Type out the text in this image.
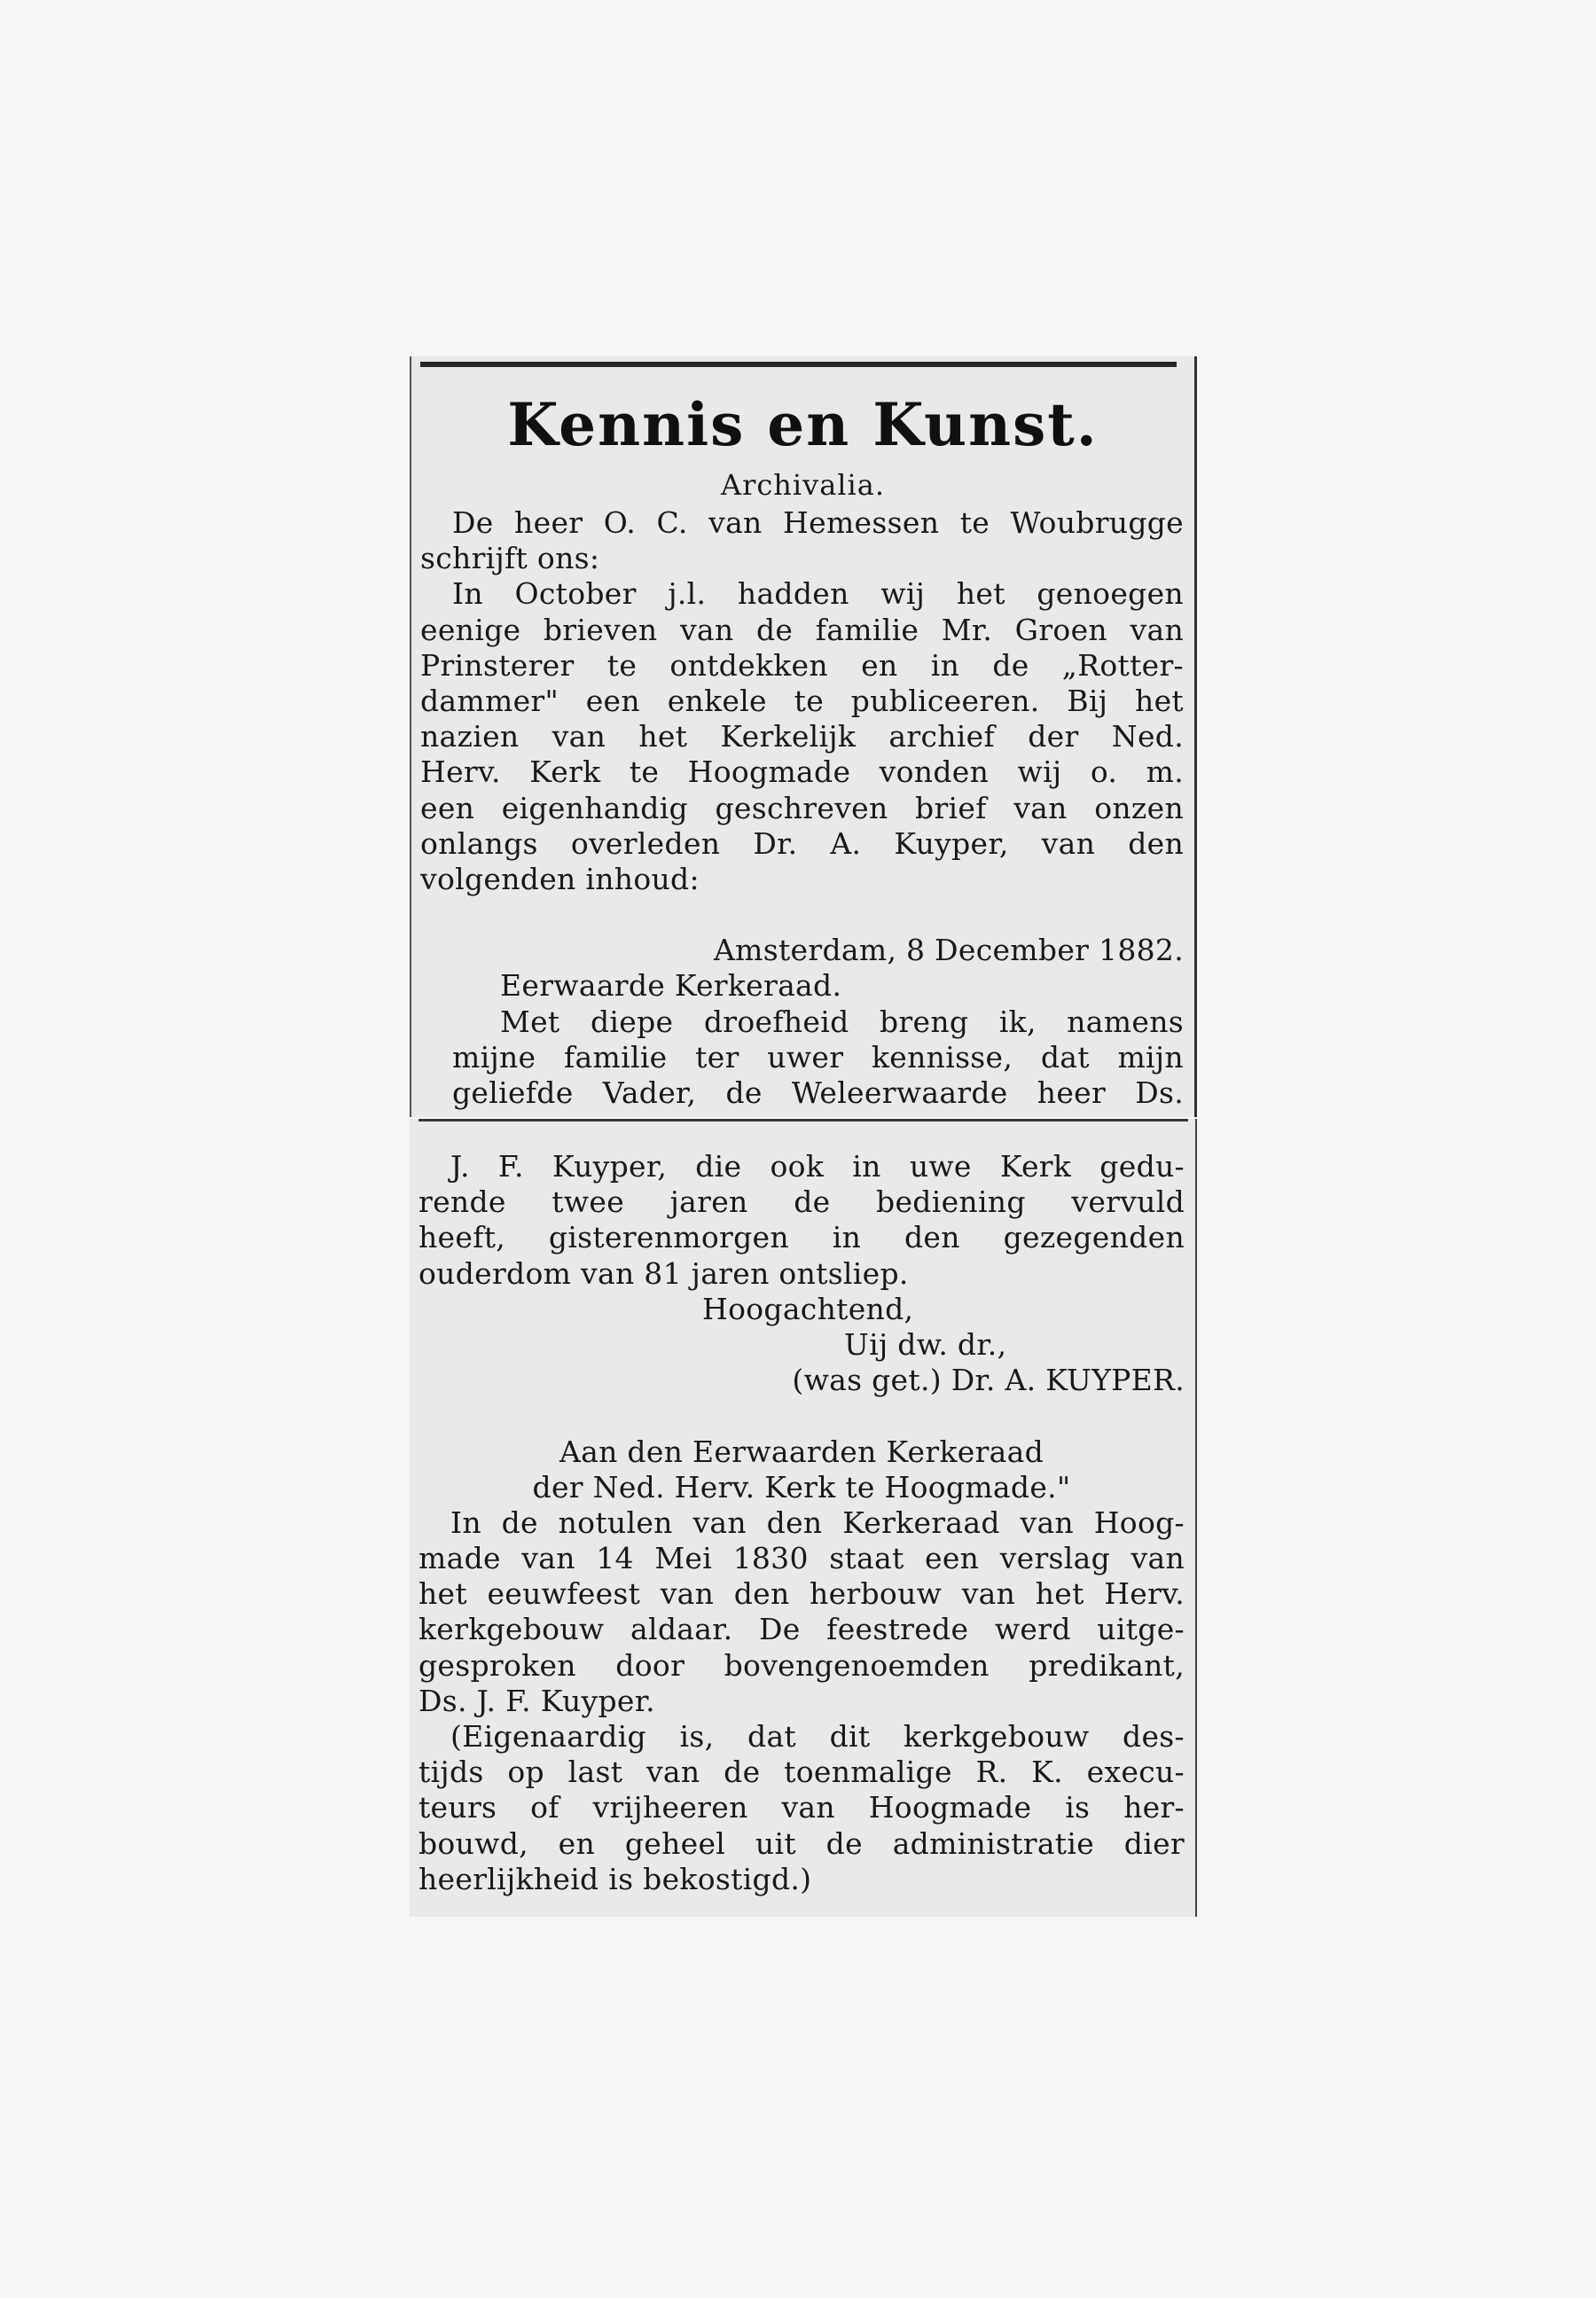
Kennis en Kunst.
Archivalia.
De heer O. C. van Hemessen te Woubrugge
schrijft ons:
In October j.l. hadden wij het genoegen
eenige brieven van de familie Mr. Groen van
Prinsterer te ontdekken en in de „Rotter-
dammer" een enkele te publiceeren. Bij het
nazien van het Kerkelijk archief der Ned.
Herv. Kerk te Hoogmade vonden wij o. m.
een eigenhandig geschreven brief van onzen
onlangs overleden Dr. A. Kuyper, van den
volgenden inhoud:
Amsterdam, 8 December 1882.
Eerwaarde Kerkeraad.
Met diepe droefheid breng ik, namens
mijne familie ter uwer kennisse, dat mijn
geliefde Vader, de Weleerwaarde heer Ds.
J. F. Kuyper, die ook in uwe Kerk gedu-
rende twee jaren de bediening vervuld
heeft, gisterenmorgen in den gezegenden
ouderdom van 81 jaren ontsliep.
Hoogachtend,
Uij dw. dr.,
(was get.) Dr. A. KUYPER.
Aan den Eerwaarden Kerkeraad
der Ned. Herv. Kerk te Hoogmade."
In de notulen van den Kerkeraad van Hoog-
made van 14 Mei 1830 staat een verslag van
het eeuwfeest van den herbouw van het Herv.
kerkgebouw aldaar. De feestrede werd uitge-
gesproken door bovengenoemden predikant,
Ds. J. F. Kuyper.
(Eigenaardig is, dat dit kerkgebouw des-
tijds op last van de toenmalige R. K. execu-
teurs of vrijheeren van Hoogmade is her-
bouwd, en geheel uit de administratie dier
heerlijkheid is bekostigd.)
